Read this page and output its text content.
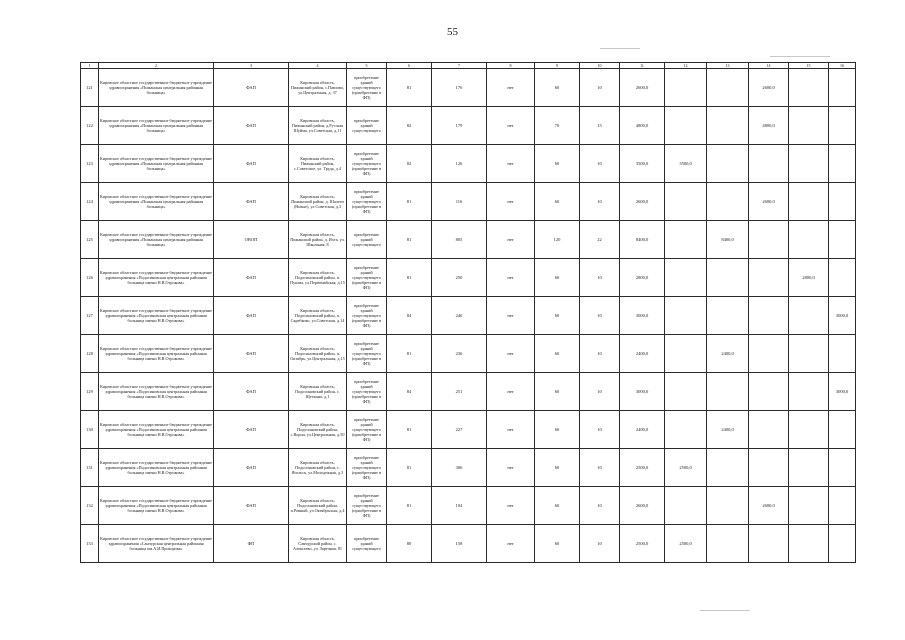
55
1	2	3	4	5	6	7	8	9	10	11	12	13	14	15	16
121	Кировское областное государственное бюджетное учреждение здравоохранения «Пижанская центральная районная больница»	ФАП	Кировская область, Пижанский район, с.Павлово, ул.Центральная, д. 37	приобретение зданий существующего (приобретение в ФП)	81	176	нет	60	10	2600,0			2600,0		
122	Кировское областное государственное бюджетное учреждение здравоохранения «Пижанская центральная районная больница»	ФАП	Кировская область, Пижанский район, д.Русская Шуйма, ул.Советская, д.11	приобретение зданий существующего	82	179	нет	70	15	4800,0			4800,0		
123	Кировское областное государственное бюджетное учреждение здравоохранения «Пижанская центральная районная больница»	ФАП	Кировская область, Пижанский район, с.Советское, ул. Труда, д.4	приобретение зданий существующего (приобретение в ФП)	82	126	нет	60	10	3500,0	3500,0				
124	Кировское областное государственное бюджетное учреждение здравоохранения «Пижанская центральная районная больница»	ФАП	Кировская область, Пижанский район, д. Шалеги (Новые), ул Советская, д.3	приобретение зданий существующего (приобретение в ФП)	81	116	нет	60	10	2600,0			2600,0		
125	Кировское областное государственное бюджетное учреждение здравоохранения «Пижанская центральная районная больница»	ОВОП	Кировская область, Пижанский район, д. Ихта, ул. Школьная, 8	приобретение зданий существующего	81	805	нет	120	22	8400,0		8400,0			
126	Кировское областное государственное бюджетное учреждение здравоохранения «Подосиновская центральная районная больница имени Н.В.Отроковa»	ФАП	Кировская область, Подосиновский район, п. Пушма, ул.Первомайская, д.15	приобретение зданий существующего (приобретение в ФП)	81	250	нет	60	10	2800,0				2800,0	
127	Кировское областное государственное бюджетное учреждение здравоохранения «Подосиновская центральная районная больница имени Н.В.Отроковa»	ФАП	Кировская область, Подосиновский район, п. Скребково, ул.Советская, д.14	приобретение зданий существующего (приобретение в ФП)	84	246	нет	60	10	3000,0					3000,0
128	Кировское областное государственное бюджетное учреждение здравоохранения «Подосиновская центральная районная больница имени Н.В.Отроковa»	ФАП	Кировская область, Подосиновский район, п. Октябрь, ул.Центральная, д.15	приобретение зданий существующего (приобретение в ФП)	81	236	нет	60	10	2400,0		2400,0			
129	Кировское областное государственное бюджетное учреждение здравоохранения «Подосиновская центральная районная больница имени Н.В.Отроковa»	ФАП	Кировская область, Подосиновский район, с. Щеткино, д.1	приобретение зданий существующего (приобретение в ФП)	84	251	нет	60	10	3000,0					3000,0
130	Кировское областное государственное бюджетное учреждение здравоохранения «Подосиновская центральная районная больница имени Н.В.Отроковa»	ФАП	Кировская область, Подосиновский район, с.Ворон, ул.Центральная, д.50	приобретение зданий существующего (приобретение в ФП)	81	227	нет	60	10	2400,0		2400,0			
131	Кировское областное государственное бюджетное учреждение здравоохранения «Подосиновская центральная районная больница имени Н.В.Отроковa»	ФАП	Кировская область, Подосиновский район, с. Ягольск, ул.Молодежная, д.3	приобретение зданий существующего (приобретение в ФП)	81	306	нет	60	10	2500,0	2500,0				
132	Кировское областное государственное бюджетное учреждение здравоохранения «Подосиновская центральная районная больница имени Н.В.Отроковa»	ФАП	Кировская область, Подосиновский район, п.Ровный, ул.Октябрьская, д.4	приобретение зданий существующего (приобретение в ФП)	81	104	нет	60	10	2600,0			2600,0		
133	Кировское областное государственное бюджетное учреждение здравоохранения «Санчурская центральная районная больница им.А.И.Прохорова»	ФП	Кировская область, Санчурский район, с. Алексеево, ул. Заречная, 81	приобретение зданий существующего	80	158	нет	60	10	2500,0	2500,0				
